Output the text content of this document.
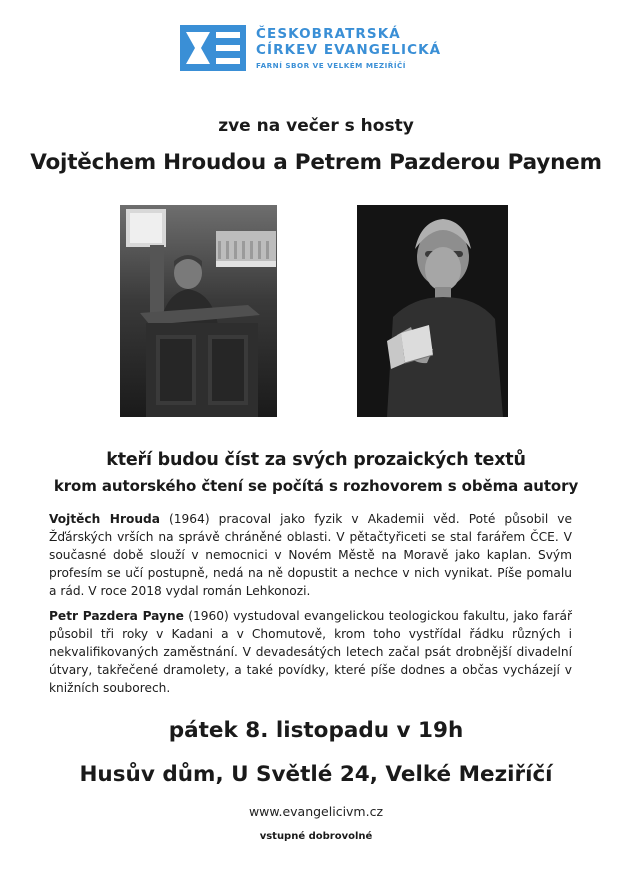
ČESKOBRATRSKÁ
CÍRKEV EVANGELICKÁ
FARNÍ SBOR VE VELKÉM MEZIŘÍČÍ
zve na večer s hosty
Vojtěchem Hroudou a Petrem Pazderou Paynem
kteří budou číst za svých prozaických textů
krom autorského čtení se počítá s rozhovorem s oběma autory
Vojtěch Hrouda (1964) pracoval jako fyzik v Akademii věd. Poté působil ve Žďárských vrších na správě chráněné oblasti. V pětačtyřiceti se stal farářem ČCE. V současné době slouží v nemocnici v Novém Městě na Moravě jako kaplan. Svým profesím se učí postupně, nedá na ně dopustit a nechce v nich vynikat. Píše pomalu a rád. V roce 2018 vydal román Lehkonozi.
Petr Pazdera Payne (1960) vystudoval evangelickou teologickou fakultu, jako farář působil tři roky v Kadani a v Chomutově, krom toho vystřídal řádku různých i nekvalifikovaných zaměstnání. V devadesátých letech začal psát drobnější divadelní útvary, takřečené dramolety, a také povídky, které píše dodnes a občas vycházejí v knižních souborech.
pátek 8. listopadu v 19h
Husův dům, U Světlé 24, Velké Meziříčí
www.evangelicivm.cz
vstupné dobrovolné
